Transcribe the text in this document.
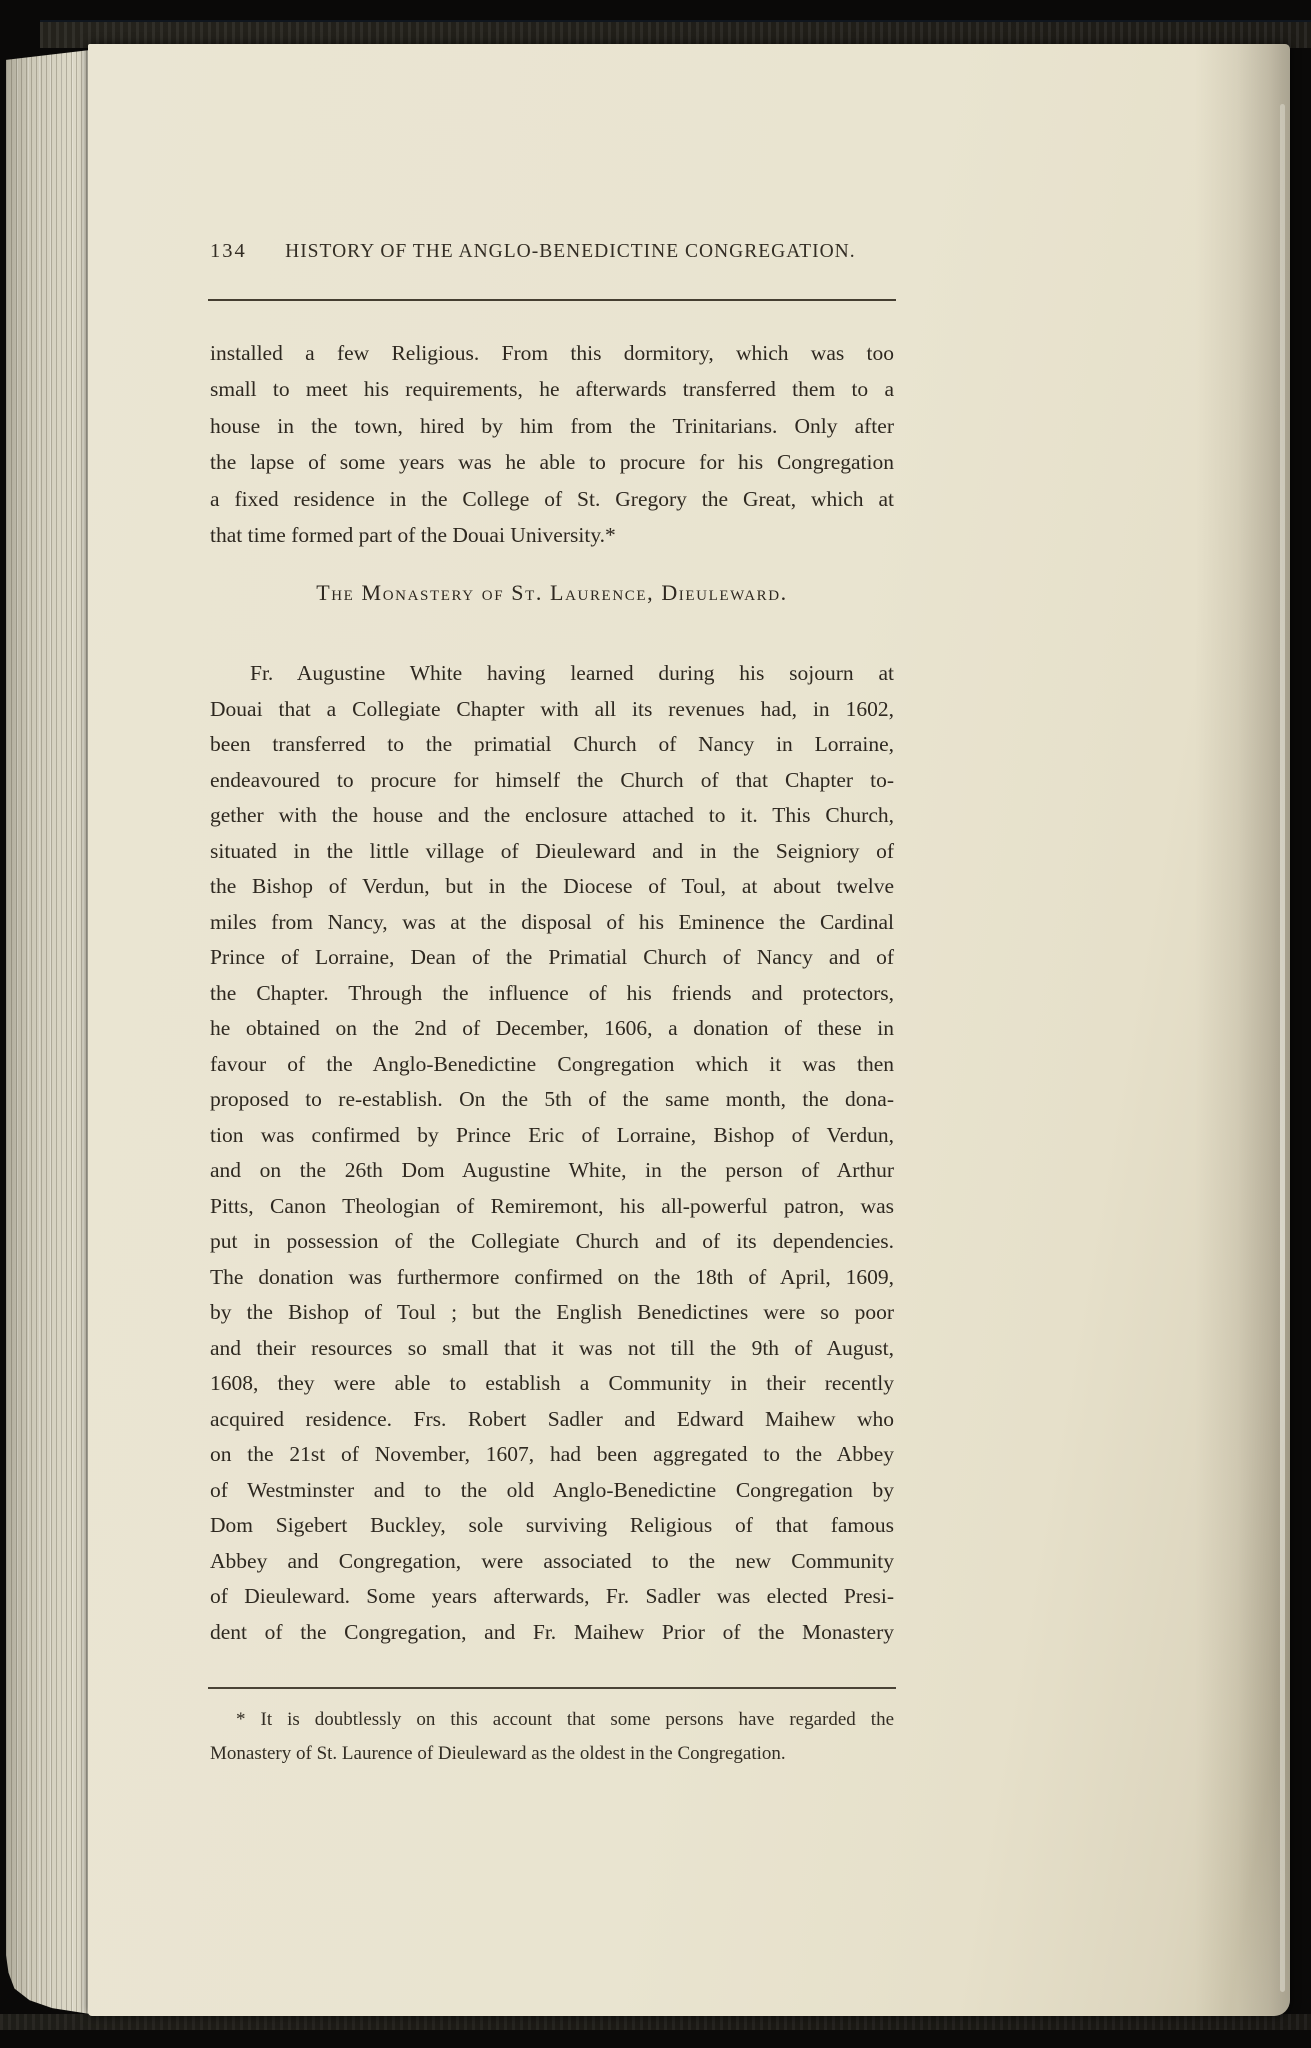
134	HISTORY OF THE ANGLO-BENEDICTINE CONGREGATION.
installed a few Religious. From this dormitory, which was too
small to meet his requirements, he afterwards transferred them to a
house in the town, hired by him from the Trinitarians. Only after
the lapse of some years was he able to procure for his Congregation
a fixed residence in the College of St. Gregory the Great, which at
that time formed part of the Douai University.*
The Monastery of St. Laurence, Dieuleward.
Fr. Augustine White having learned during his sojourn at
Douai that a Collegiate Chapter with all its revenues had, in 1602,
been transferred to the primatial Church of Nancy in Lorraine,
endeavoured to procure for himself the Church of that Chapter to-
gether with the house and the enclosure attached to it. This Church,
situated in the little village of Dieuleward and in the Seigniory of
the Bishop of Verdun, but in the Diocese of Toul, at about twelve
miles from Nancy, was at the disposal of his Eminence the Cardinal
Prince of Lorraine, Dean of the Primatial Church of Nancy and of
the Chapter. Through the influence of his friends and protectors,
he obtained on the 2nd of December, 1606, a donation of these in
favour of the Anglo-Benedictine Congregation which it was then
proposed to re-establish. On the 5th of the same month, the dona-
tion was confirmed by Prince Eric of Lorraine, Bishop of Verdun,
and on the 26th Dom Augustine White, in the person of Arthur
Pitts, Canon Theologian of Remiremont, his all-powerful patron, was
put in possession of the Collegiate Church and of its dependencies.
The donation was furthermore confirmed on the 18th of April, 1609,
by the Bishop of Toul ; but the English Benedictines were so poor
and their resources so small that it was not till the 9th of August,
1608, they were able to establish a Community in their recently
acquired residence. Frs. Robert Sadler and Edward Maihew who
on the 21st of November, 1607, had been aggregated to the Abbey
of Westminster and to the old Anglo-Benedictine Congregation by
Dom Sigebert Buckley, sole surviving Religious of that famous
Abbey and Congregation, were associated to the new Community
of Dieuleward. Some years afterwards, Fr. Sadler was elected Presi-
dent of the Congregation, and Fr. Maihew Prior of the Monastery
* It is doubtlessly on this account that some persons have regarded the
Monastery of St. Laurence of Dieuleward as the oldest in the Congregation.
